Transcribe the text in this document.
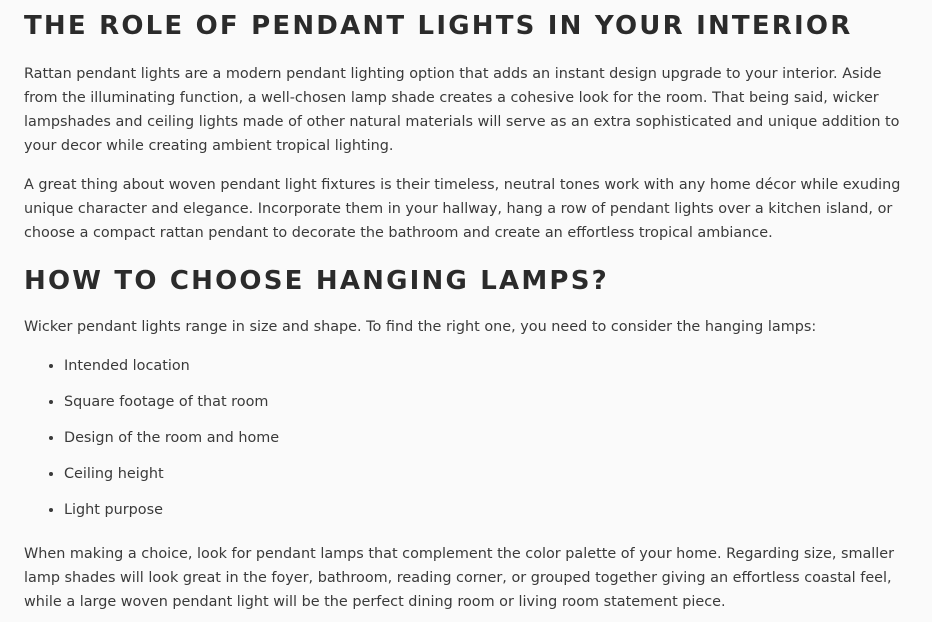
THE ROLE OF PENDANT LIGHTS IN YOUR INTERIOR

Rattan pendant lights are a modern pendant lighting option that adds an instant design upgrade to your interior. Aside from the illuminating function, a well-chosen lamp shade creates a cohesive look for the room. That being said, wicker lampshades and ceiling lights made of other natural materials will serve as an extra sophisticated and unique addition to your decor while creating ambient tropical lighting.

A great thing about woven pendant light fixtures is their timeless, neutral tones work with any home décor while exuding unique character and elegance. Incorporate them in your hallway, hang a row of pendant lights over a kitchen island, or choose a compact rattan pendant to decorate the bathroom and create an effortless tropical ambiance.

HOW TO CHOOSE HANGING LAMPS?

Wicker pendant lights range in size and shape. To find the right one, you need to consider the hanging lamps:

• Intended location
• Square footage of that room
• Design of the room and home
• Ceiling height
• Light purpose

When making a choice, look for pendant lamps that complement the color palette of your home. Regarding size, smaller lamp shades will look great in the foyer, bathroom, reading corner, or grouped together giving an effortless coastal feel, while a large woven pendant light will be the perfect dining room or living room statement piece.
